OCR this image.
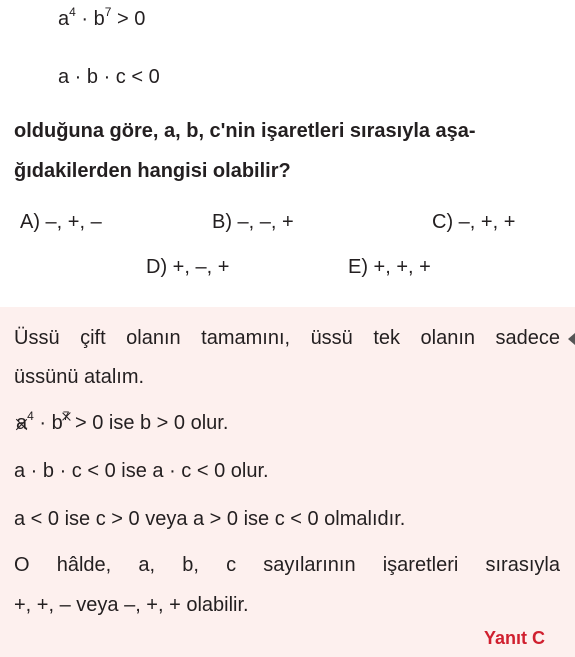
$a^4 \cdot b^7 > 0$
a · b · c < 0
olduğuna göre, a, b, c'nin işaretleri sırasıyla aşa-
ğıdakilerden hangisi olabilir?
A) –, +, –	B) –, –, +	C) –, +, +
D) +, –, +	E) +, +, +
Üssü çift olanın tamamını, üssü tek olanın sadece
üssünü atalım.
$a^4 \cdot b^7 > 0$ ise b > 0 olur.
a · b · c < 0 ise a · c < 0 olur.
a < 0 ise c > 0 veya a > 0 ise c < 0 olmalıdır.
O hâlde, a, b, c sayılarının işaretleri sırasıyla
+, +, – veya –, +, + olabilir.
Yanıt C
